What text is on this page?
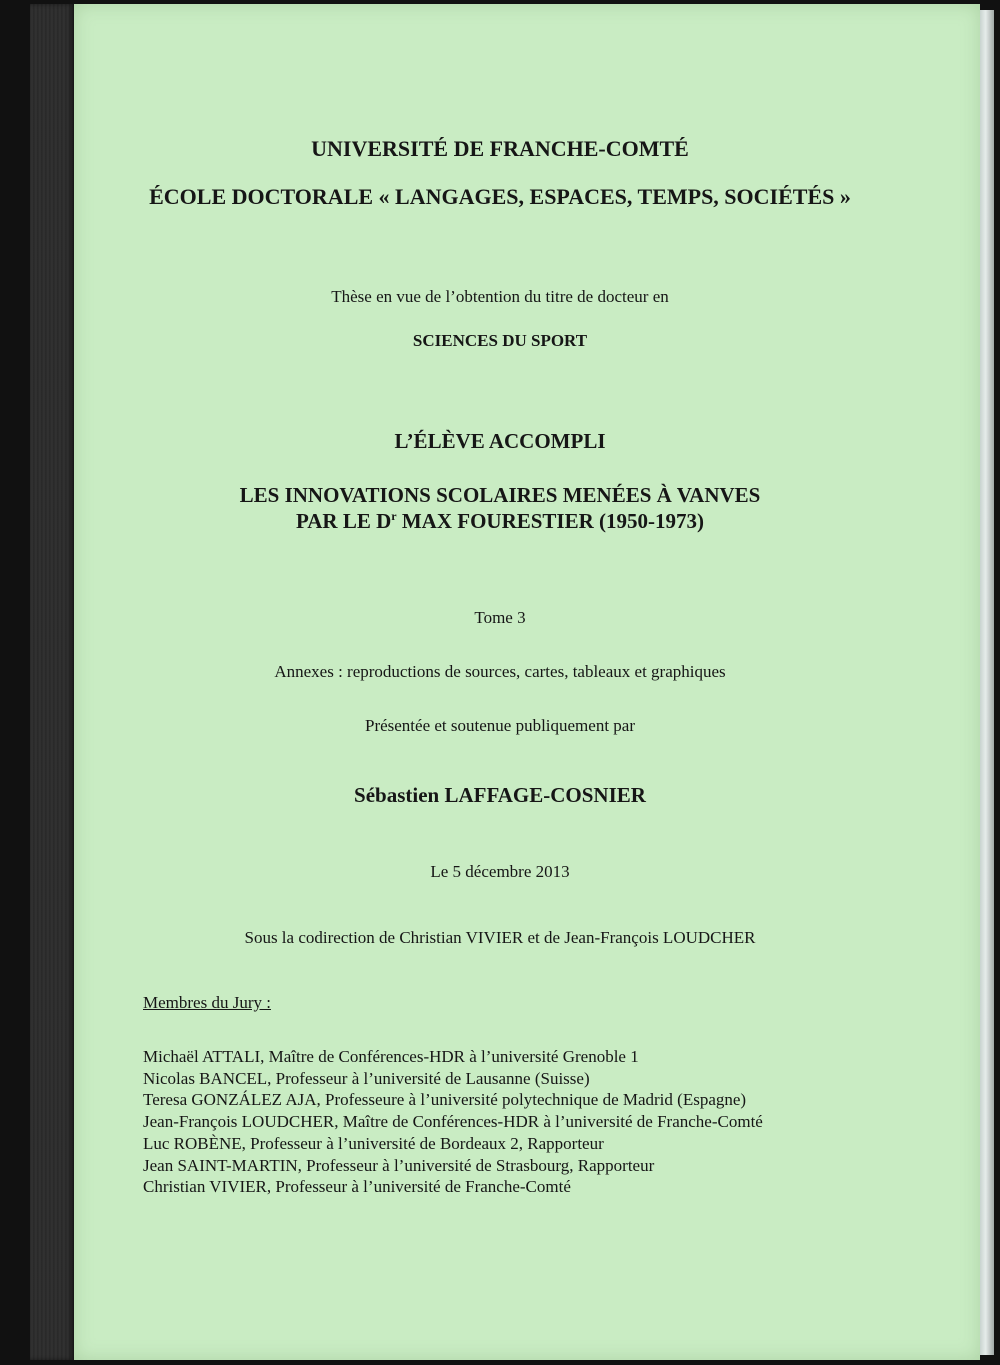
UNIVERSITÉ DE FRANCHE-COMTÉ

ÉCOLE DOCTORALE « LANGAGES, ESPACES, TEMPS, SOCIÉTÉS »

Thèse en vue de l’obtention du titre de docteur en

SCIENCES DU SPORT

L’ÉLÈVE ACCOMPLI

LES INNOVATIONS SCOLAIRES MENÉES À VANVES

PAR LE $D^r$ MAX FOURESTIER (1950-1973)

Tome 3

Annexes : reproductions de sources, cartes, tableaux et graphiques

Présentée et soutenue publiquement par

Sébastien LAFFAGE-COSNIER

Le 5 décembre 2013

Sous la codirection de Christian VIVIER et de Jean-François LOUDCHER

Membres du Jury :

Michaël ATTALI, Maître de Conférences-HDR à l’université Grenoble 1
Nicolas BANCEL, Professeur à l’université de Lausanne (Suisse)
Teresa GONZÁLEZ AJA, Professeure à l’université polytechnique de Madrid (Espagne)
Jean-François LOUDCHER, Maître de Conférences-HDR à l’université de Franche-Comté
Luc ROBÈNE, Professeur à l’université de Bordeaux 2, Rapporteur
Jean SAINT-MARTIN, Professeur à l’université de Strasbourg, Rapporteur
Christian VIVIER, Professeur à l’université de Franche-Comté
